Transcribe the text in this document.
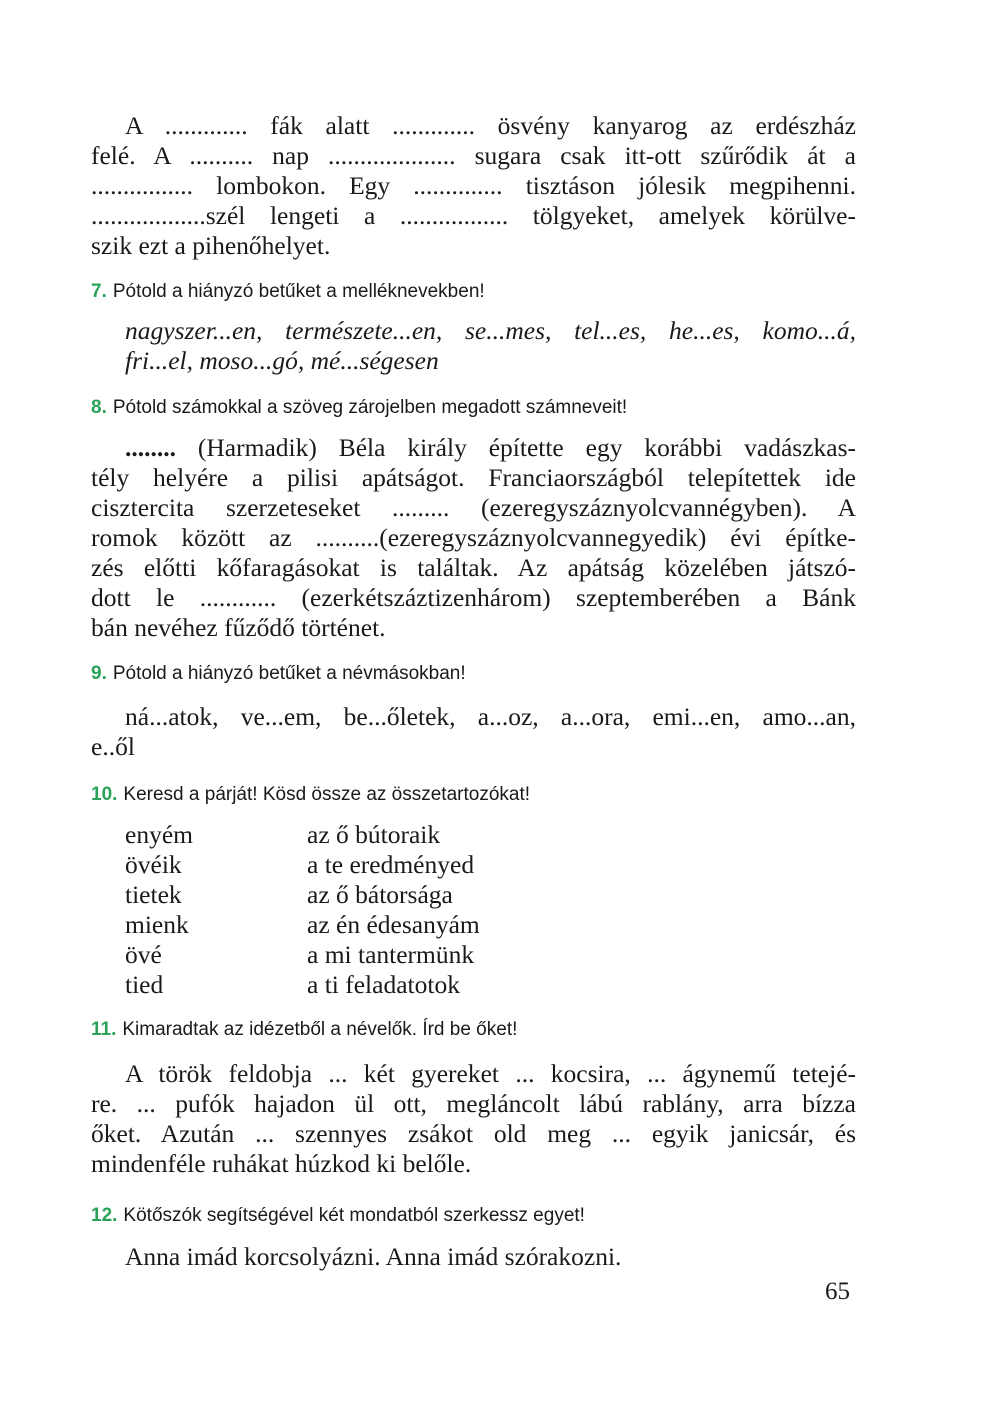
A ............. fák alatt ............. ösvény kanyarog az erdészház
felé. A .......... nap .................... sugara csak itt-ott szűrődik át a
................ lombokon. Egy .............. tisztáson jólesik megpihenni.
..................szél lengeti a ................. tölgyeket, amelyek körülve-
szik ezt a pihenőhelyet.
7. Pótold a hiányzó betűket a melléknevekben!
nagyszer...en, természete...en, se...mes, tel...es, he...es, komo...á,
fri...el, moso...gó, mé...ségesen
8. Pótold számokkal a szöveg zárojelben megadott számneveit!
........ (Harmadik) Béla király építette egy korábbi vadászkas-
tély helyére a pilisi apátságot. Franciaországból telepítettek ide
cisztercita szerzeteseket ......... (ezeregyszáznyolcvannégyben). A
romok között az ..........(ezeregyszáznyolcvannegyedik) évi építke-
zés előtti kőfaragásokat is találtak. Az apátság közelében játszó-
dott le ............ (ezerkétszáztizenhárom) szeptemberében a Bánk
bán nevéhez fűződő történet.
9. Pótold a hiányzó betűket a névmásokban!
ná...atok, ve...em, be...őletek, a...oz, a...ora, emi...en, amo...an,
e..ől
10. Keresd a párját! Kösd össze az összetartozókat!
enyém	az ő bútoraik
övéik	a te eredményed
tietek	az ő bátorsága
mienk	az én édesanyám
övé	a mi tantermünk
tied	a ti feladatotok
11. Kimaradtak az idézetből a névelők. Írd be őket!
A török feldobja ... két gyereket ... kocsira, ... ágynemű tetejé-
re. ... pufók hajadon ül ott, megláncolt lábú rablány, arra bízza
őket. Azután ... szennyes zsákot old meg ... egyik janicsár, és
mindenféle ruhákat húzkod ki belőle.
12. Kötőszók segítségével két mondatból szerkessz egyet!
Anna imád korcsolyázni. Anna imád szórakozni.
65
